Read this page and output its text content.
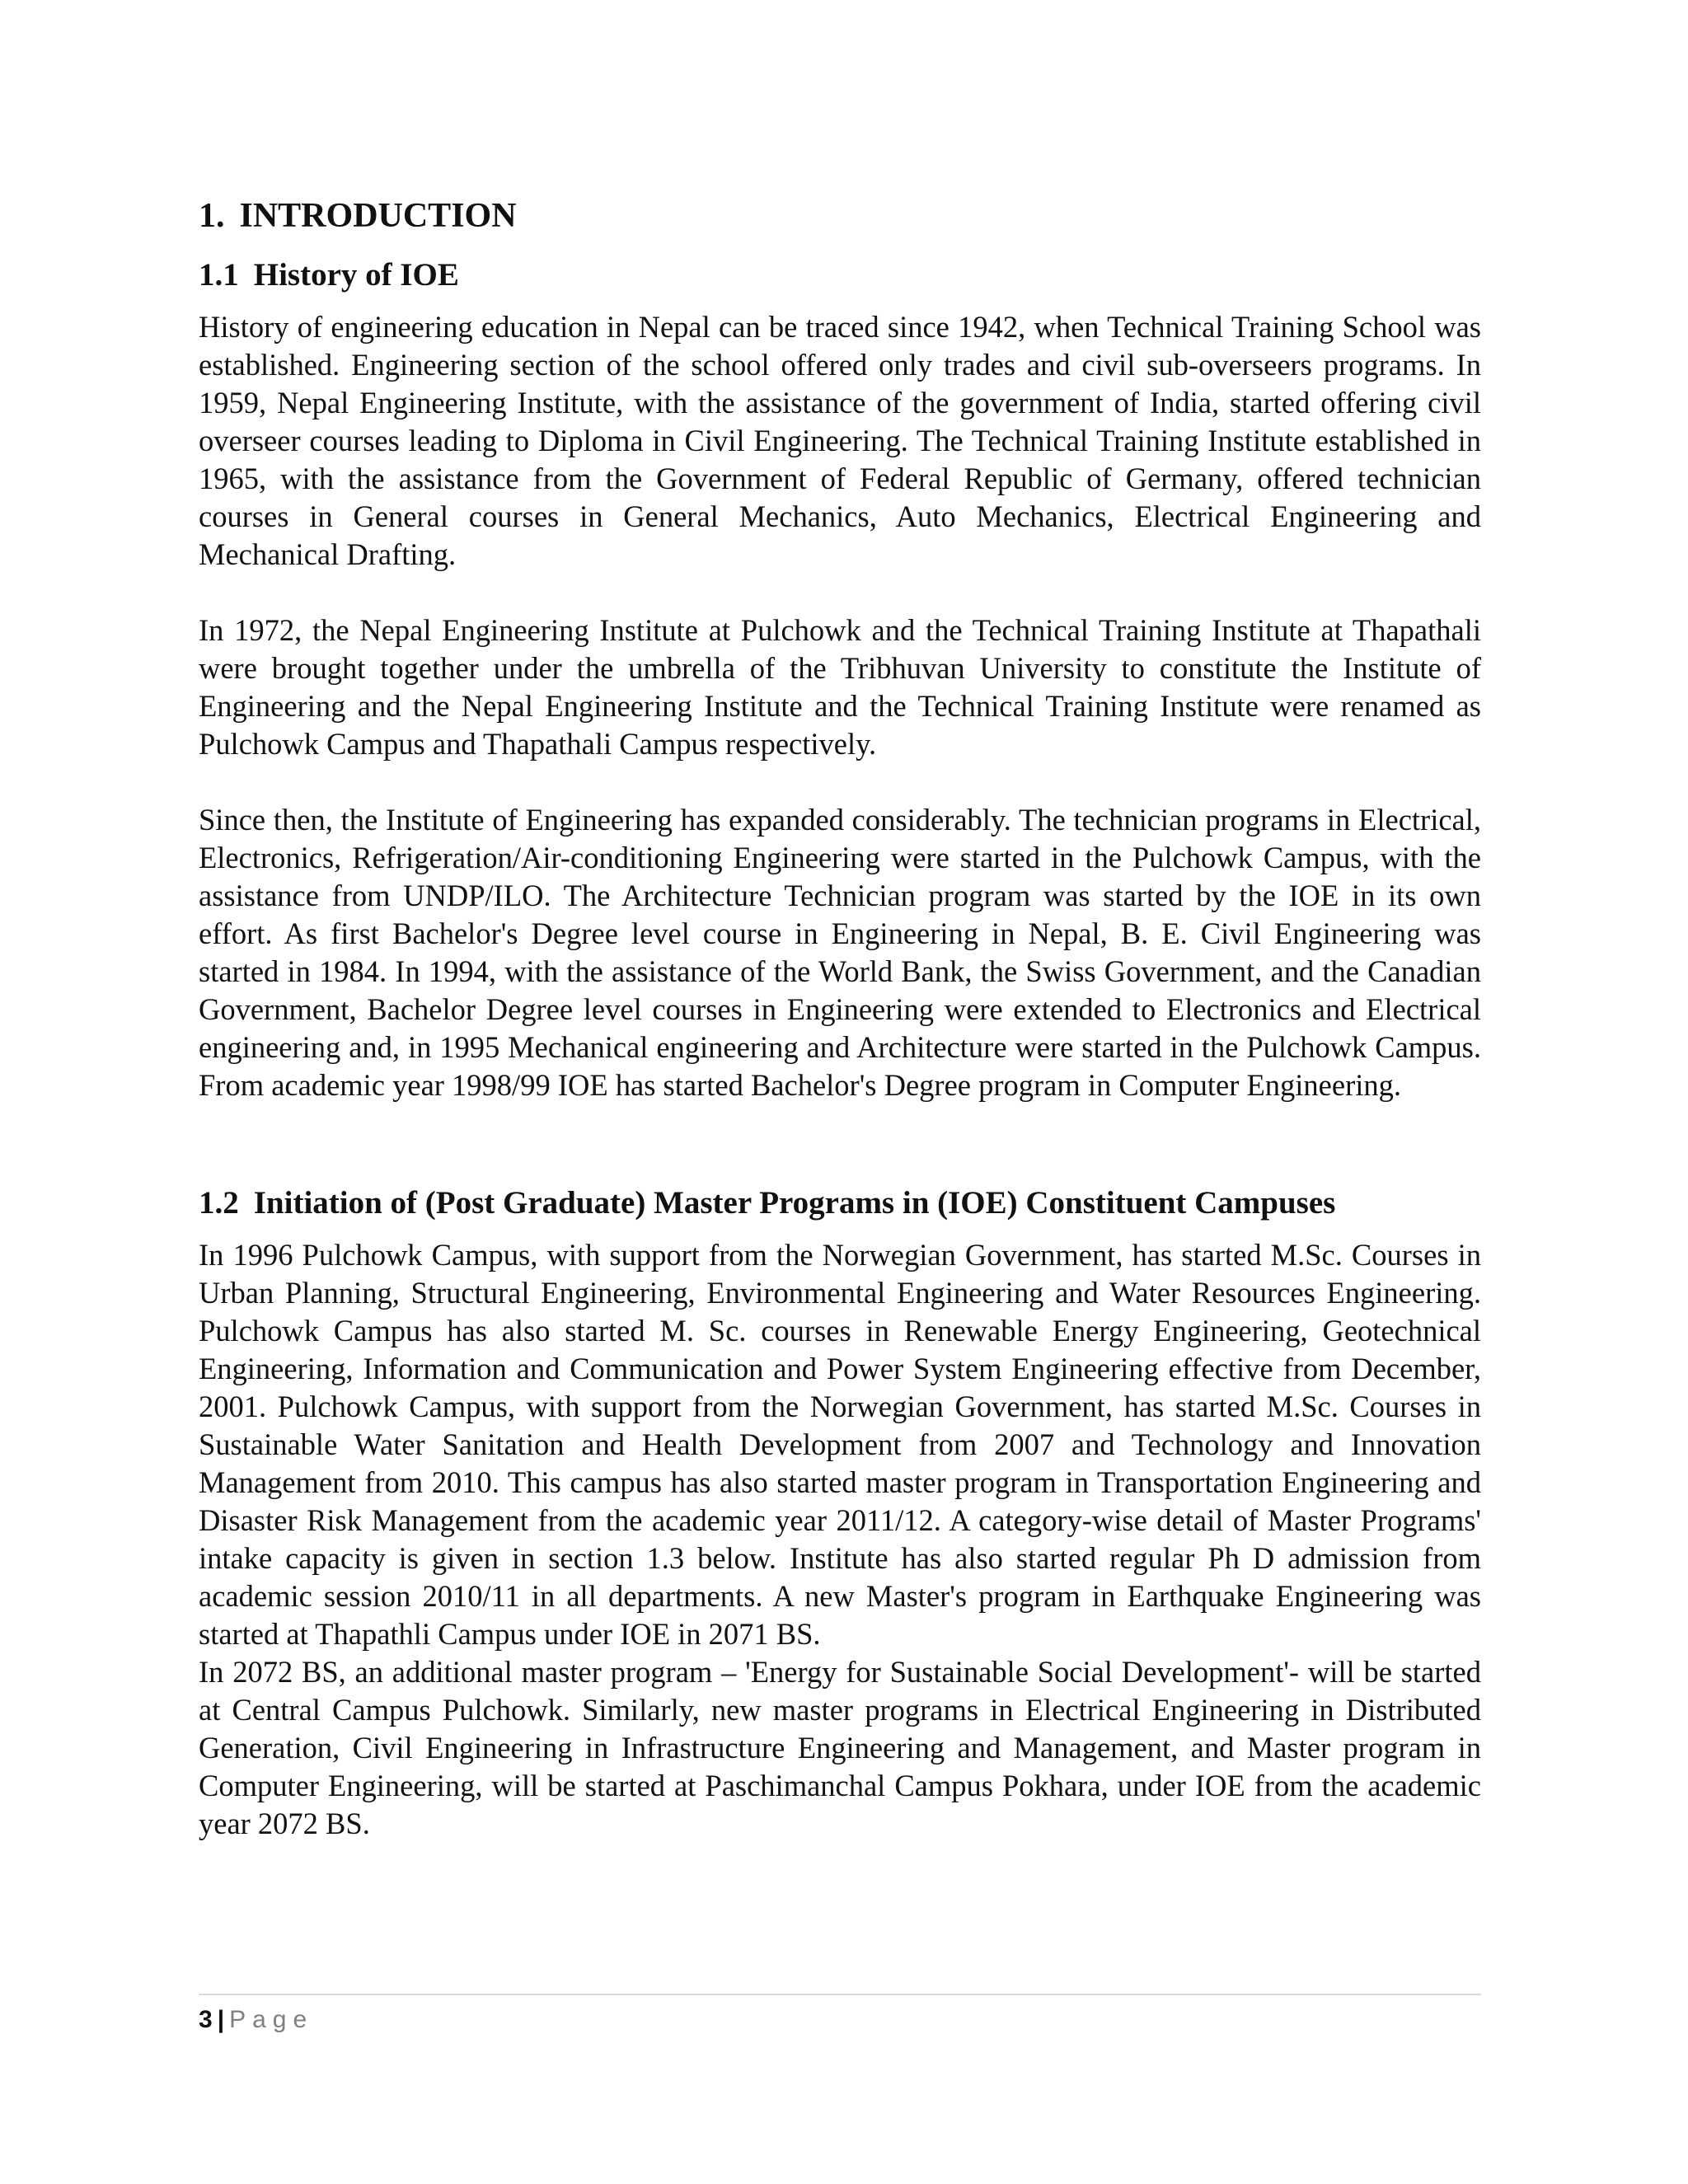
1. INTRODUCTION
1.1 History of IOE

History of engineering education in Nepal can be traced since 1942, when Technical Training School was established. Engineering section of the school offered only trades and civil sub-overseers programs. In 1959, Nepal Engineering Institute, with the assistance of the government of India, started offering civil overseer courses leading to Diploma in Civil Engineering. The Technical Training Institute established in 1965, with the assistance from the Government of Federal Republic of Germany, offered technician courses in General courses in General Mechanics, Auto Mechanics, Electrical Engineering and Mechanical Drafting.

In 1972, the Nepal Engineering Institute at Pulchowk and the Technical Training Institute at Thapathali were brought together under the umbrella of the Tribhuvan University to constitute the Institute of Engineering and the Nepal Engineering Institute and the Technical Training Institute were renamed as Pulchowk Campus and Thapathali Campus respectively.

Since then, the Institute of Engineering has expanded considerably. The technician programs in Electrical, Electronics, Refrigeration/Air-conditioning Engineering were started in the Pulchowk Campus, with the assistance from UNDP/ILO. The Architecture Technician program was started by the IOE in its own effort. As first Bachelor's Degree level course in Engineering in Nepal, B. E. Civil Engineering was started in 1984. In 1994, with the assistance of the World Bank, the Swiss Government, and the Canadian Government, Bachelor Degree level courses in Engineering were extended to Electronics and Electrical engineering and, in 1995 Mechanical engineering and Architecture were started in the Pulchowk Campus. From academic year 1998/99 IOE has started Bachelor's Degree program in Computer Engineering.

1.2 Initiation of (Post Graduate) Master Programs in (IOE) Constituent Campuses

In 1996 Pulchowk Campus, with support from the Norwegian Government, has started M.Sc. Courses in Urban Planning, Structural Engineering, Environmental Engineering and Water Resources Engineering. Pulchowk Campus has also started M. Sc. courses in Renewable Energy Engineering, Geotechnical Engineering, Information and Communication and Power System Engineering effective from December, 2001. Pulchowk Campus, with support from the Norwegian Government, has started M.Sc. Courses in Sustainable Water Sanitation and Health Development from 2007 and Technology and Innovation Management from 2010. This campus has also started master program in Transportation Engineering and Disaster Risk Management from the academic year 2011/12. A category-wise detail of Master Programs' intake capacity is given in section 1.3 below. Institute has also started regular Ph D admission from academic session 2010/11 in all departments. A new Master's program in Earthquake Engineering was started at Thapathli Campus under IOE in 2071 BS.

In 2072 BS, an additional master program – 'Energy for Sustainable Social Development'- will be started at Central Campus Pulchowk. Similarly, new master programs in Electrical Engineering in Distributed Generation, Civil Engineering in Infrastructure Engineering and Management, and Master program in Computer Engineering, will be started at Paschimanchal Campus Pokhara, under IOE from the academic year 2072 BS.

3 | Page
